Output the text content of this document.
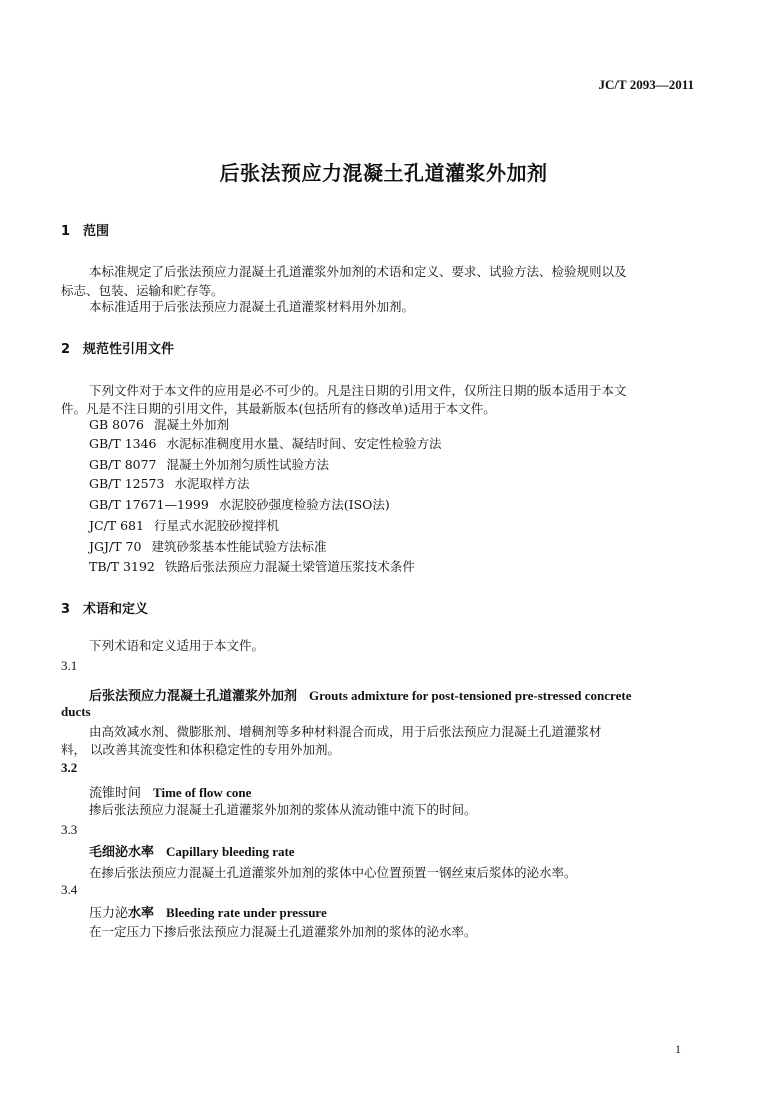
JC/T 2093—2011
后张法预应力混凝土孔道灌浆外加剂
1 范围
本标准规定了后张法预应力混凝土孔道灌浆外加剂的术语和定义、要求、试验方法、检验规则以及
标志、包装、运输和贮存等。
本标准适用于后张法预应力混凝土孔道灌浆材料用外加剂。
2 规范性引用文件
下列文件对于本文件的应用是必不可少的。凡是注日期的引用文件，仅所注日期的版本适用于本文
件。凡是不注日期的引用文件，其最新版本(包括所有的修改单)适用于本文件。
GB 8076 混凝土外加剂
GB/T 1346 水泥标准稠度用水量、凝结时间、安定性检验方法
GB/T 8077 混凝土外加剂匀质性试验方法
GB/T 12573 水泥取样方法
GB/T 17671—1999 水泥胶砂强度检验方法(ISO法)
JC/T 681 行星式水泥胶砂搅拌机
JGJ/T 70 建筑砂浆基本性能试验方法标准
TB/T 3192 铁路后张法预应力混凝土梁管道压浆技术条件
3 术语和定义
下列术语和定义适用于本文件。
3.1
后张法预应力混凝土孔道灌浆外加剂 Grouts admixture for post-tensioned pre-stressed concrete
ducts
由高效减水剂、微膨胀剂、增稠剂等多种材料混合而成，用于后张法预应力混凝土孔道灌浆材
料， 以改善其流变性和体积稳定性的专用外加剂。
3.2
流锥时间 Time of flow cone
掺后张法预应力混凝土孔道灌浆外加剂的浆体从流动锥中流下的时间。
3.3
毛细泌水率 Capillary bleeding rate
在掺后张法预应力混凝土孔道灌浆外加剂的浆体中心位置预置一钢丝束后浆体的泌水率。
3.4
压力泌水率 Bleeding rate under pressure
在一定压力下掺后张法预应力混凝土孔道灌浆外加剂的浆体的泌水率。
1
